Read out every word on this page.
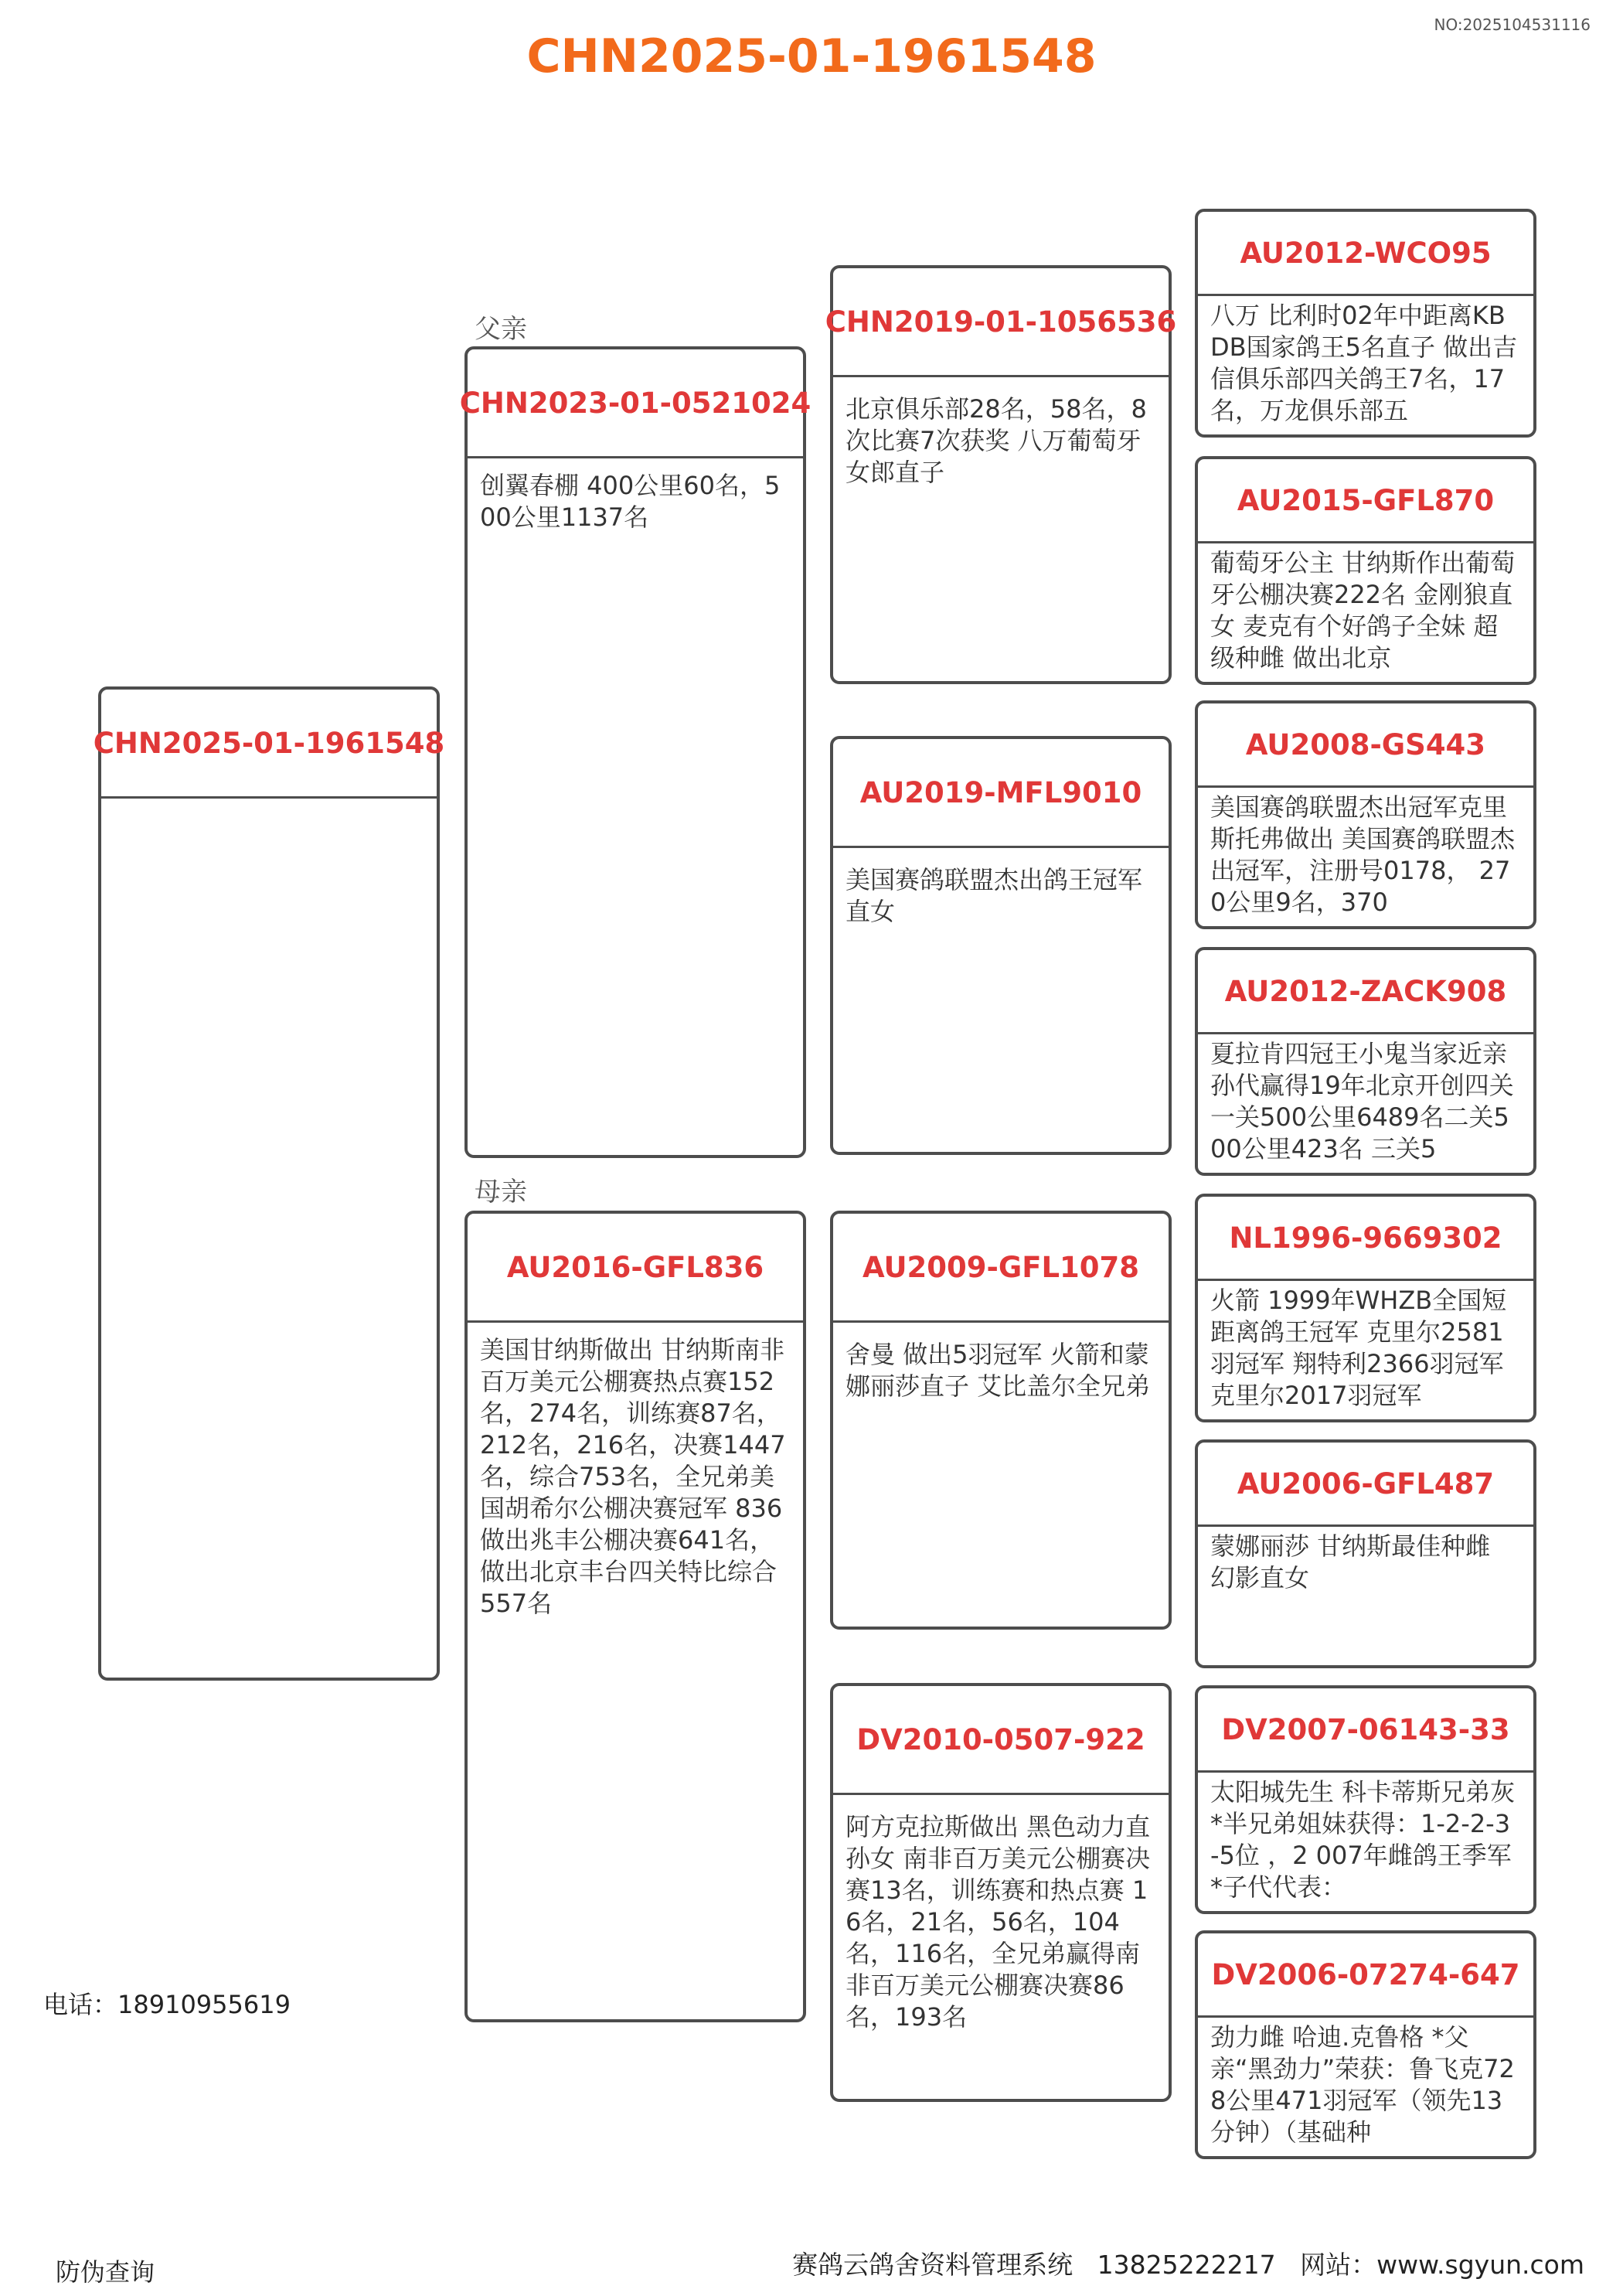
NO:2025104531116
CHN2025-01-1961548
CHN2025-01-1961548
父亲
CHN2023-01-0521024
创翼春棚 400公里60名，500公里1137名
母亲
AU2016-GFL836
美国甘纳斯做出 甘纳斯南非百万美元公棚赛热点赛152名，274名，训练赛87名，212名，216名，决赛1447名，综合753名，全兄弟美国胡希尔公棚决赛冠军 836做出兆丰公棚决赛641名，做出北京丰台四关特比综合557名
CHN2019-01-1056536
北京俱乐部28名，58名，8次比赛7次获奖 八万葡萄牙女郎直子
AU2019-MFL9010
美国赛鸽联盟杰出鸽王冠军直女
AU2009-GFL1078
舍曼 做出5羽冠军 火箭和蒙娜丽莎直子 艾比盖尔全兄弟
DV2010-0507-922
阿方克拉斯做出 黑色动力直孙女 南非百万美元公棚赛决赛13名，训练赛和热点赛 16名，21名，56名，104名，116名，全兄弟赢得南非百万美元公棚赛决赛86名，193名
AU2012-WCO95
八万 比利时02年中距离KBDB国家鸽王5名直子 做出吉信俱乐部四关鸽王7名，17名，万龙俱乐部五
AU2015-GFL870
葡萄牙公主 甘纳斯作出葡萄牙公棚决赛222名 金刚狼直女 麦克有个好鸽子全妹 超级种雌 做出北京
AU2008-GS443
美国赛鸽联盟杰出冠军克里斯托弗做出 美国赛鸽联盟杰出冠军，注册号0178， 270公里9名，370
AU2012-ZACK908
夏拉肯四冠王小鬼当家近亲 孙代赢得19年北京开创四关一关500公里6489名二关500公里423名 三关5
NL1996-9669302
火箭 1999年WHZB全国短距离鸽王冠军 克里尔2581羽冠军 翔特利2366羽冠军 克里尔2017羽冠军
AU2006-GFL487
蒙娜丽莎 甘纳斯最佳种雌 幻影直女
DV2007-06143-33
太阳城先生 科卡蒂斯兄弟灰 *半兄弟姐妹获得：1-2-2-3 -5位 ，2 007年雌鸽王季军 *子代代表：
DV2006-07274-647
劲力雌 哈迪.克鲁格 *父亲“黑劲力”荣获：鲁飞克728公里471羽冠军（领先13分钟）（基础种
电话：18910955619
防伪查询	赛鸽云鸽舍资料管理系统 13825222217 网站：www.sgyun.com
